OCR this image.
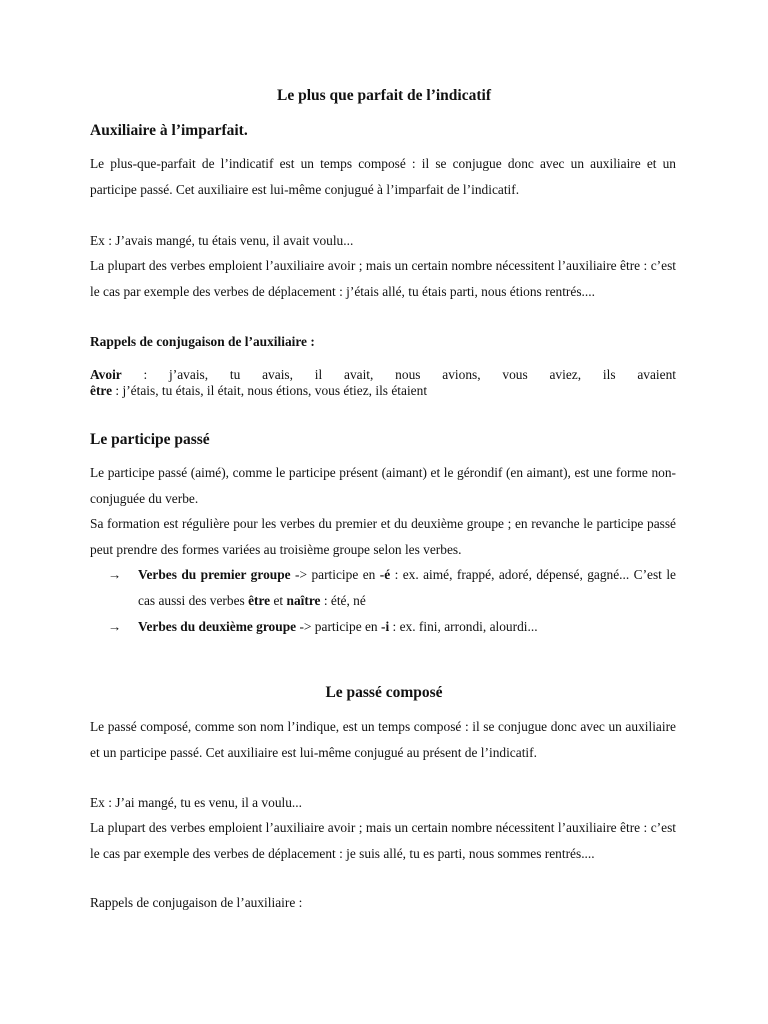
Le plus que parfait de l’indicatif
Auxiliaire à l’imparfait.

Le plus-que-parfait de l’indicatif est un temps composé : il se conjugue donc avec un auxiliaire et un participe passé. Cet auxiliaire est lui-même conjugué à l’imparfait de l’indicatif.

Ex : J’avais mangé, tu étais venu, il avait voulu...

La plupart des verbes emploient l’auxiliaire avoir ; mais un certain nombre nécessitent l’auxiliaire être : c’est le cas par exemple des verbes de déplacement : j’étais allé, tu étais parti, nous étions rentrés....

Rappels de conjugaison de l’auxiliaire :

Avoir : j’avais, tu avais, il avait, nous avions, vous aviez, ils avaient

être : j’étais, tu étais, il était, nous étions, vous étiez, ils étaient

Le participe passé

Le participe passé (aimé), comme le participe présent (aimant) et le gérondif (en aimant), est une forme non-conjuguée du verbe.

Sa formation est régulière pour les verbes du premier et du deuxième groupe ; en revanche le participe passé peut prendre des formes variées au troisième groupe selon les verbes.

→	Verbes du premier groupe -> participe en -é : ex. aimé, frappé, adoré, dépensé, gagné... C’est le cas aussi des verbes être et naître : été, né
→	Verbes du deuxième groupe -> participe en -i : ex. fini, arrondi, alourdi...
Le passé composé

Le passé composé, comme son nom l’indique, est un temps composé : il se conjugue donc avec un auxiliaire et un participe passé. Cet auxiliaire est lui-même conjugué au présent de l’indicatif.

Ex : J’ai mangé, tu es venu, il a voulu...

La plupart des verbes emploient l’auxiliaire avoir ; mais un certain nombre nécessitent l’auxiliaire être : c’est le cas par exemple des verbes de déplacement : je suis allé, tu es parti, nous sommes rentrés....

Rappels de conjugaison de l’auxiliaire :
